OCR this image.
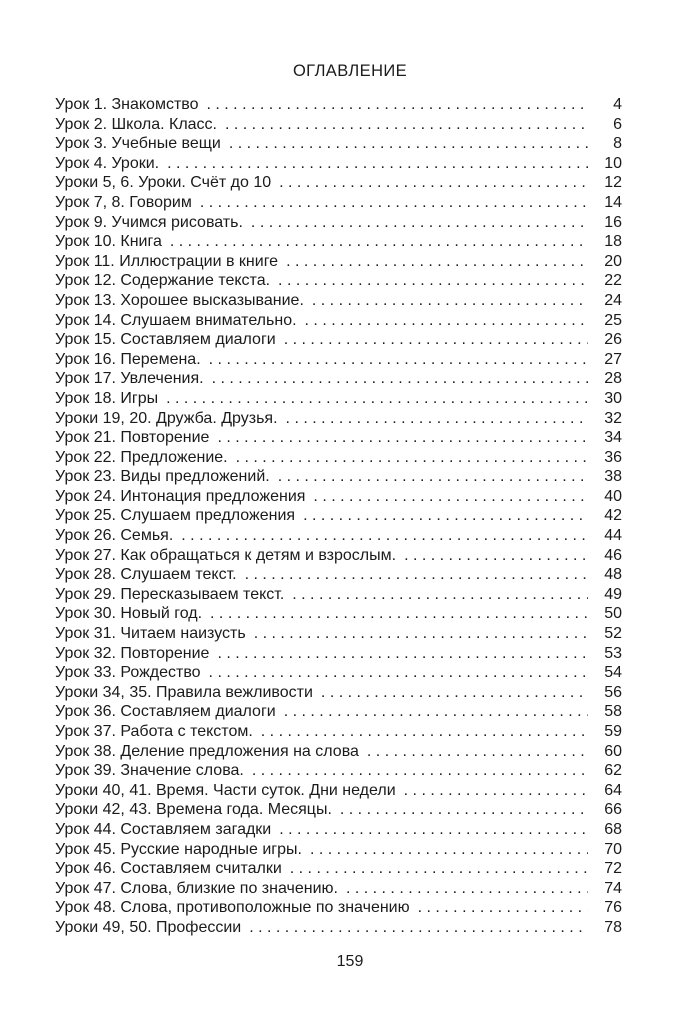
ОГЛАВЛЕНИЕ
Урок 1. Знакомство . . .	4
Урок 2. Школа. Класс. . . .	6
Урок 3. Учебные вещи . . .	8
Урок 4. Уроки. . . .	10
Уроки 5, 6. Уроки. Счёт до 10 . . .	12
Урок 7, 8. Говорим . . .	14
Урок 9. Учимся рисовать. . . .	16
Урок 10. Книга . . .	18
Урок 11. Иллюстрации в книге . . .	20
Урок 12. Содержание текста. . . .	22
Урок 13. Хорошее высказывание. . . .	24
Урок 14. Слушаем внимательно. . . .	25
Урок 15. Составляем диалоги . . .	26
Урок 16. Перемена. . . .	27
Урок 17. Увлечения. . . .	28
Урок 18. Игры . . .	30
Уроки 19, 20. Дружба. Друзья. . . .	32
Урок 21. Повторение . . .	34
Урок 22. Предложение. . . .	36
Урок 23. Виды предложений. . . .	38
Урок 24. Интонация предложения . . .	40
Урок 25. Слушаем предложения . . .	42
Урок 26. Семья. . . .	44
Урок 27. Как обращаться к детям и взрослым. . . .	46
Урок 28. Слушаем текст. . . .	48
Урок 29. Пересказываем текст. . . .	49
Урок 30. Новый год. . . .	50
Урок 31. Читаем наизусть . . .	52
Урок 32. Повторение . . .	53
Урок 33. Рождество . . .	54
Уроки 34, 35. Правила вежливости . . .	56
Урок 36. Составляем диалоги . . .	58
Урок 37. Работа с текстом. . . .	59
Урок 38. Деление предложения на слова . . .	60
Урок 39. Значение слова. . . .	62
Уроки 40, 41. Время. Части суток. Дни недели . . .	64
Уроки 42, 43. Времена года. Месяцы. . . .	66
Урок 44. Составляем загадки . . .	68
Урок 45. Русские народные игры. . . .	70
Урок 46. Составляем считалки . . .	72
Урок 47. Слова, близкие по значению. . . .	74
Урок 48. Слова, противоположные по значению . . .	76
Уроки 49, 50. Профессии . . .	78
159
